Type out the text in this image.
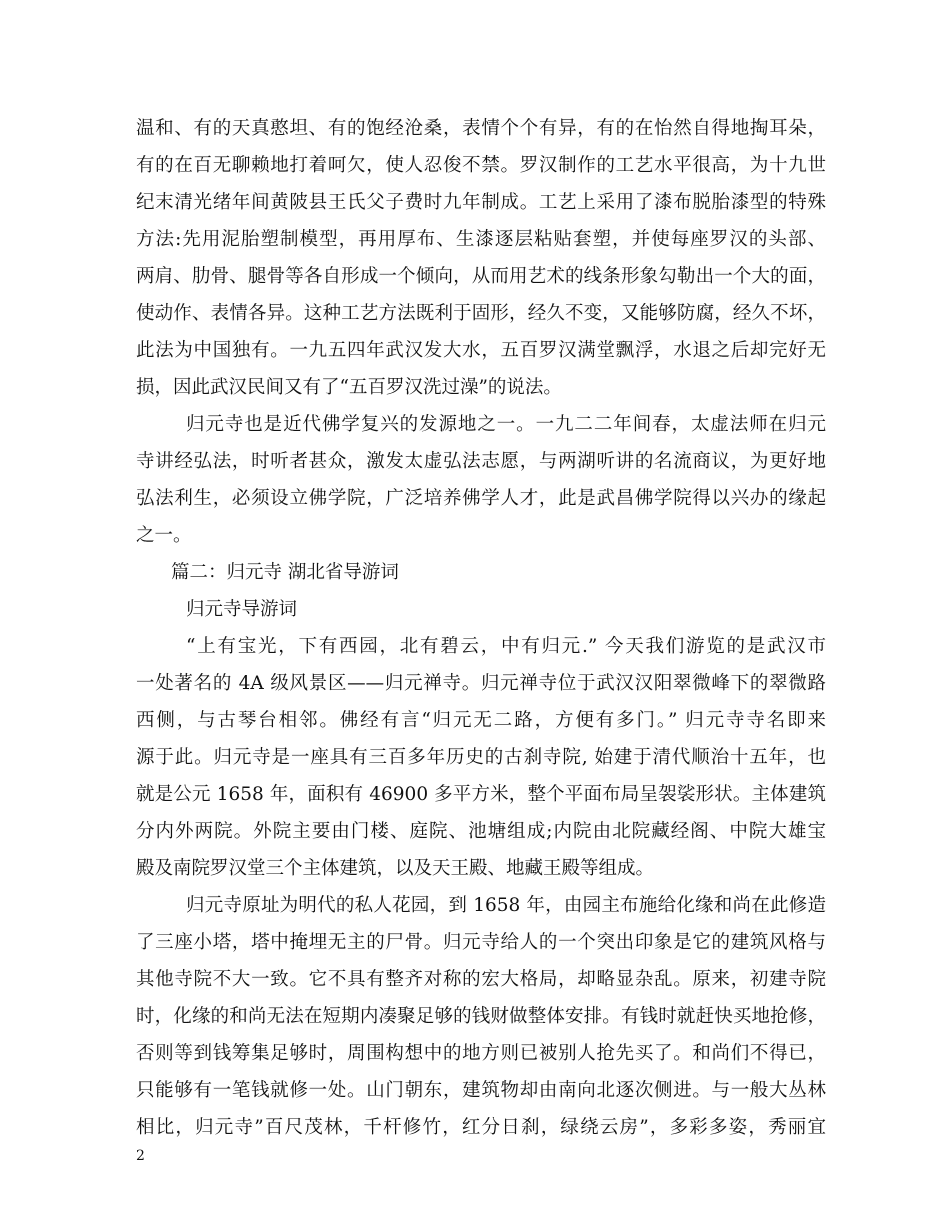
温和、有的天真憨坦、有的饱经沧桑，表情个个有异，有的在怡然自得地掏耳朵，
有的在百无聊赖地打着呵欠，使人忍俊不禁。罗汉制作的工艺水平很高，为十九世
纪末清光绪年间黄陂县王氏父子费时九年制成。工艺上采用了漆布脱胎漆型的特殊
方法:先用泥胎塑制模型，再用厚布、生漆逐层粘贴套塑，并使每座罗汉的头部、
两肩、肋骨、腿骨等各自形成一个倾向，从而用艺术的线条形象勾勒出一个大的面，
使动作、表情各异。这种工艺方法既利于固形，经久不变，又能够防腐，经久不坏，
此法为中国独有。一九五四年武汉发大水，五百罗汉满堂飘浮，水退之后却完好无
损，因此武汉民间又有了“五百罗汉洗过澡”的说法。
归元寺也是近代佛学复兴的发源地之一。一九二二年间春，太虚法师在归元
寺讲经弘法，时听者甚众，激发太虚弘法志愿，与两湖听讲的名流商议，为更好地
弘法利生，必须设立佛学院，广泛培养佛学人才，此是武昌佛学院得以兴办的缘起
之一。
篇二：归元寺 湖北省导游词
归元寺导游词
“上有宝光，下有西园，北有碧云，中有归元.” 今天我们游览的是武汉市
一处著名的 4A 级风景区——归元禅寺。归元禅寺位于武汉汉阳翠微峰下的翠微路
西侧，与古琴台相邻。佛经有言“归元无二路，方便有多门。” 归元寺寺名即来
源于此。归元寺是一座具有三百多年历史的古刹寺院, 始建于清代顺治十五年，也
就是公元 1658 年，面积有 46900 多平方米，整个平面布局呈袈裟形状。主体建筑
分内外两院。外院主要由门楼、庭院、池塘组成;内院由北院藏经阁、中院大雄宝
殿及南院罗汉堂三个主体建筑，以及天王殿、地藏王殿等组成。
归元寺原址为明代的私人花园，到 1658 年，由园主布施给化缘和尚在此修造
了三座小塔，塔中掩埋无主的尸骨。归元寺给人的一个突出印象是它的建筑风格与
其他寺院不大一致。它不具有整齐对称的宏大格局，却略显杂乱。原来，初建寺院
时，化缘的和尚无法在短期内凑聚足够的钱财做整体安排。有钱时就赶快买地抢修，
否则等到钱筹集足够时，周围构想中的地方则已被别人抢先买了。和尚们不得已，
只能够有一笔钱就修一处。山门朝东，建筑物却由南向北逐次侧进。与一般大丛林
相比，归元寺”百尺茂林，千杆修竹，红分日刹，绿绕云房”，多彩多姿，秀丽宜
2
